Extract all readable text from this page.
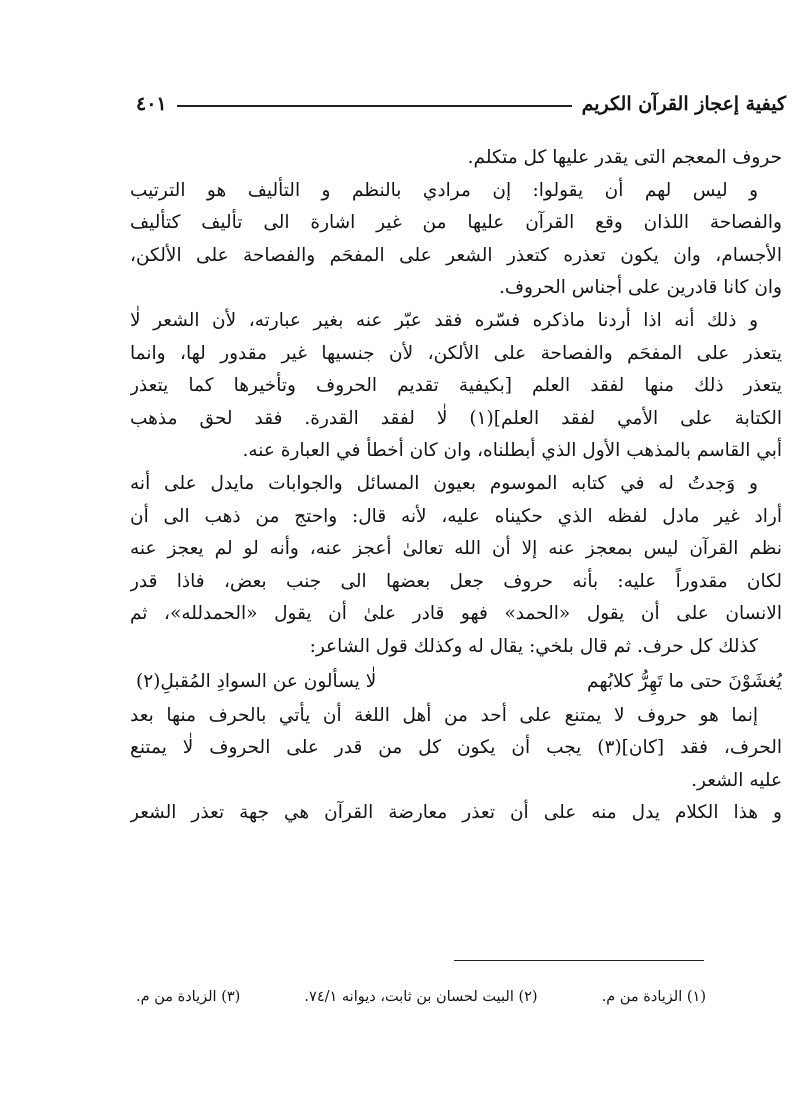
كيفية إعجاز القرآن الكريم
٤٠١
حروف المعجم التى يقدر عليها كل متكلم.
و ليس لهم أن يقولوا: إن مرادي بالنظم و التأليف هو الترتيب
والفصاحة اللذان وقع القرآن عليها من غير اشارة الى تأليف كتأليف
الأجسام، وان يكون تعذره كتعذر الشعر على المفحَم والفصاحة على الألكن،
وان كانا قادرين على أجناس الحروف.
و ذلك أنه اذا أردنا ماذكره فسّره فقد عبّر عنه بغير عبارته، لأن الشعر لٰا
يتعذر على المفحَم والفصاحة على الألكن، لأن جنسيها غير مقدور لها، وانما
يتعذر ذلك منها لفقد العلم [بكيفية تقديم الحروف وتأخيرها كما يتعذر
الكتابة على الأمي لفقد العلم](١) لٰا لفقد القدرة. فقد لحق مذهب
أبي القاسم بالمذهب الأول الذي أبطلناه، وان كان أخطأ في العبارة عنه.
و وَجدتُ له في كتابه الموسوم بعيون المسائل والجوابات مايدل على أنه
أراد غير مادل لفظه الذي حكيناه عليه، لأنه قال: واحتج من ذهب الى أن
نظم القرآن ليس بمعجز عنه إلا أن الله تعالىٰ أعجز عنه، وأنه لو لم يعجز عنه
لكان مقدوراً عليه: بأنه حروف جعل بعضها الى جنب بعض، فاذا قدر
الانسان على أن يقول «الحمد» فهو قادر علىٰ أن يقول «الحمدلله»، ثم
كذلك كل حرف. ثم قال بلخي: يقال له وكذلك قول الشاعر:
يُغشَوْنَ حتى ما تَهِرُّ كلابُهم
لٰا يسألون عن السوادِ المُقبلِ(٢)
إنما هو حروف لا يمتنع على أحد من أهل اللغة أن يأتي بالحرف منها بعد
الحرف، فقد [كان](٣) يجب أن يكون كل من قدر على الحروف لٰا يمتنع
عليه الشعر.
و هذا الكلام يدل منه على أن تعذر معارضة القرآن هي جهة تعذر الشعر
(١) الزيادة من م.
(٢) البيت لحسان بن ثابت، ديوانه ٧٤/١.
(٣) الزيادة من م.
